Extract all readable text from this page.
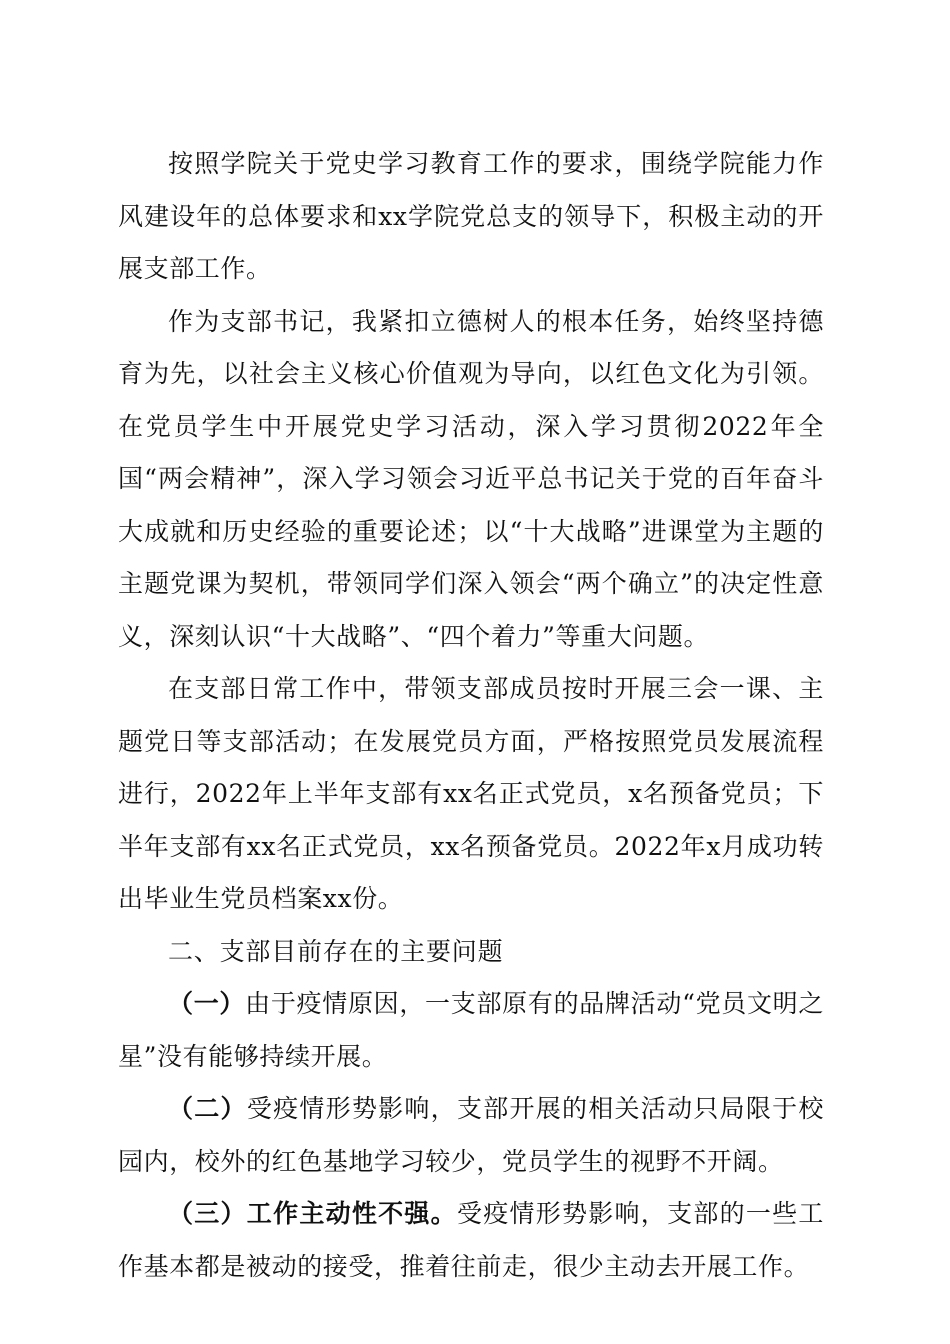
按照学院关于党史学习教育工作的要求，围绕学院能力作风建设年的总体要求和xx学院党总支的领导下，积极主动的开展支部工作。

作为支部书记，我紧扣立德树人的根本任务，始终坚持德育为先，以社会主义核心价值观为导向，以红色文化为引领。在党员学生中开展党史学习活动，深入学习贯彻2022年全国“两会精神”，深入学习领会习近平总书记关于党的百年奋斗大成就和历史经验的重要论述；以“十大战略”进课堂为主题的主题党课为契机，带领同学们深入领会“两个确立”的决定性意义，深刻认识“十大战略”、“四个着力”等重大问题。

在支部日常工作中，带领支部成员按时开展三会一课、主题党日等支部活动；在发展党员方面，严格按照党员发展流程进行，2022年上半年支部有xx名正式党员，x名预备党员；下半年支部有xx名正式党员，xx名预备党员。2022年x月成功转出毕业生党员档案xx份。

二、支部目前存在的主要问题

（一）由于疫情原因，一支部原有的品牌活动“党员文明之星”没有能够持续开展。

（二）受疫情形势影响，支部开展的相关活动只局限于校园内，校外的红色基地学习较少，党员学生的视野不开阔。

（三）工作主动性不强。受疫情形势影响，支部的一些工作基本都是被动的接受，推着往前走，很少主动去开展工作。
